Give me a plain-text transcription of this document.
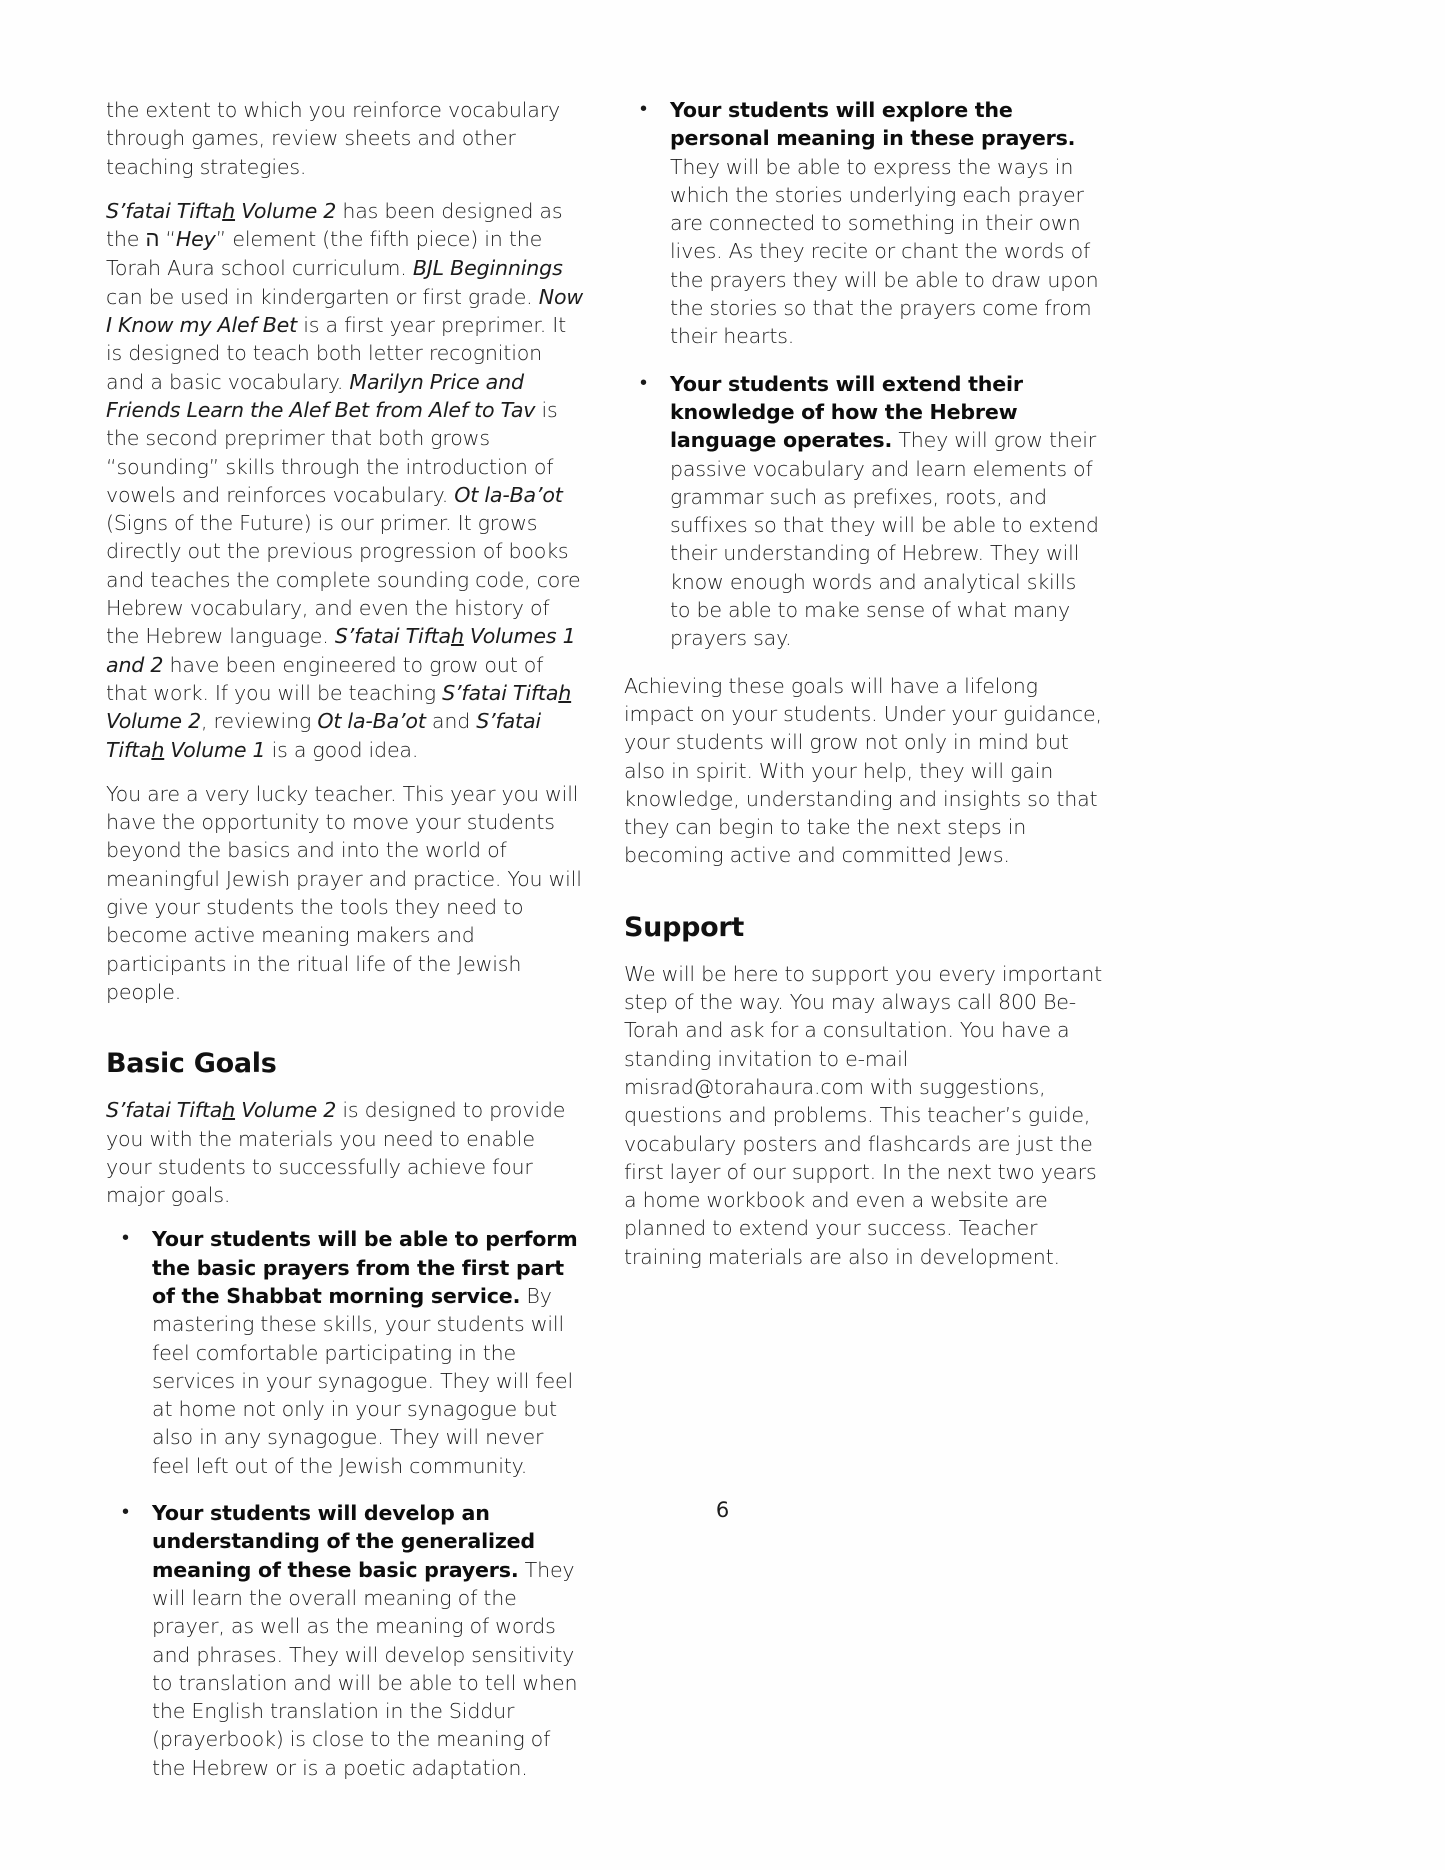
the extent to which you reinforce vocabulary through games, review sheets and other teaching strategies.

S’fatai Tiftah Volume 2 has been designed as the ה “Hey” element (the fifth piece) in the Torah Aura school curriculum. BJL Beginnings can be used in kindergarten or first grade. Now I Know my Alef Bet is a first year preprimer. It is designed to teach both letter recognition and a basic vocabulary. Marilyn Price and Friends Learn the Alef Bet from Alef to Tav is the second preprimer that both grows “sounding” skills through the introduction of vowels and reinforces vocabulary. Ot la-Ba’ot (Signs of the Future) is our primer. It grows directly out the previous progression of books and teaches the complete sounding code, core Hebrew vocabulary, and even the history of the Hebrew language. S’fatai Tiftah Volumes 1 and 2 have been engineered to grow out of that work. If you will be teaching S’fatai Tiftah Volume 2, reviewing Ot la-Ba’ot and S’fatai Tiftah Volume 1 is a good idea.

You are a very lucky teacher. This year you will have the opportunity to move your students beyond the basics and into the world of meaningful Jewish prayer and practice. You will give your students the tools they need to become active meaning makers and participants in the ritual life of the Jewish people.

Basic Goals

S’fatai Tiftah Volume 2 is designed to provide you with the materials you need to enable your students to successfully achieve four major goals.

• Your students will be able to perform the basic prayers from the first part of the Shabbat morning service. By mastering these skills, your students will feel comfortable participating in the services in your synagogue. They will feel at home not only in your synagogue but also in any synagogue. They will never feel left out of the Jewish community.
• Your students will develop an understanding of the generalized meaning of these basic prayers. They will learn the overall meaning of the prayer, as well as the meaning of words and phrases. They will develop sensitivity to translation and will be able to tell when the English translation in the Siddur (prayerbook) is close to the meaning of the Hebrew or is a poetic adaptation.
• Your students will explore the personal meaning in these prayers. They will be able to express the ways in which the stories underlying each prayer are connected to something in their own lives. As they recite or chant the words of the prayers they will be able to draw upon the stories so that the prayers come from their hearts.
• Your students will extend their knowledge of how the Hebrew language operates. They will grow their passive vocabulary and learn elements of grammar such as prefixes, roots, and suffixes so that they will be able to extend their understanding of Hebrew. They will know enough words and analytical skills to be able to make sense of what many prayers say.

Achieving these goals will have a lifelong impact on your students. Under your guidance, your students will grow not only in mind but also in spirit. With your help, they will gain knowledge, understanding and insights so that they can begin to take the next steps in becoming active and committed Jews.

Support

We will be here to support you every important step of the way. You may always call 800 Be-Torah and ask for a consultation. You have a standing invitation to e-mail misrad@torahaura.com with suggestions, questions and problems. This teacher’s guide, vocabulary posters and flashcards are just the first layer of our support. In the next two years a home workbook and even a website are planned to extend your success. Teacher training materials are also in development.

6
